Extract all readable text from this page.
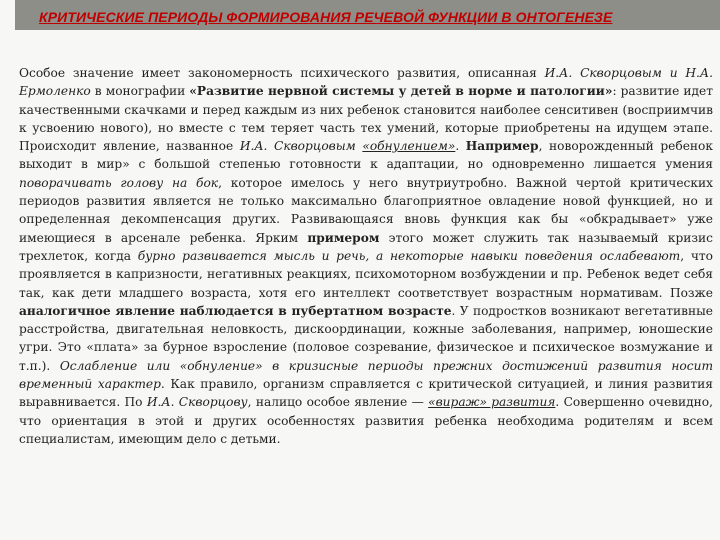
КРИТИЧЕСКИЕ ПЕРИОДЫ ФОРМИРОВАНИЯ РЕЧЕВОЙ ФУНКЦИИ В ОНТОГЕНЕЗЕ
Особое значение имеет закономерность психического развития, описанная И.А. Скворцовым и Н.А. Ермоленко в монографии «Развитие нервной системы у детей в норме и патологии»: развитие идет качественными скачками и перед каждым из них ребенок становится наиболее сенситивен (восприимчив к усвоению нового), но вместе с тем теряет часть тех умений, которые приобретены на идущем этапе. Происходит явление, названное И.А. Скворцовым «обнулением». Например, новорожденный ребенок выходит в мир» с большой степенью готовности к адаптации, но одновременно лишается умения поворачивать голову на бок, которое имелось у него внутриутробно. Важной чертой критических периодов развития является не только максимально благоприятное овладение новой функцией, но и определенная декомпенсация других. Развивающаяся вновь функция как бы «обкрадывает» уже имеющиеся в арсенале ребенка. Ярким примером этого может служить так называемый кризис трехлеток, когда бурно развивается мысль и речь, а некоторые навыки поведения ослабевают, что проявляется в капризности, негативных реакциях, психомоторном возбуждении и пр. Ребенок ведет себя так, как дети младшего возраста, хотя его интеллект соответствует возрастным нормативам. Позже аналогичное явление наблюдается в пубертатном возрасте. У подростков возникают вегетативные расстройства, двигательная неловкость, дискоординации, кожные заболевания, например, юношеские угри. Это «плата» за бурное взросление (половое созревание, физическое и психическое возмужание и т.п.). Ослабление или «обнуление» в кризисные периоды прежних достижений развития носит временный характер. Как правило, организм справляется с критической ситуацией, и линия развития выравнивается. По И.А. Скворцову, налицо особое явление — «вираж» развития. Совершенно очевидно, что ориентация в этой и других особенностях развития ребенка необходима родителям и всем специалистам, имеющим дело с детьми.
